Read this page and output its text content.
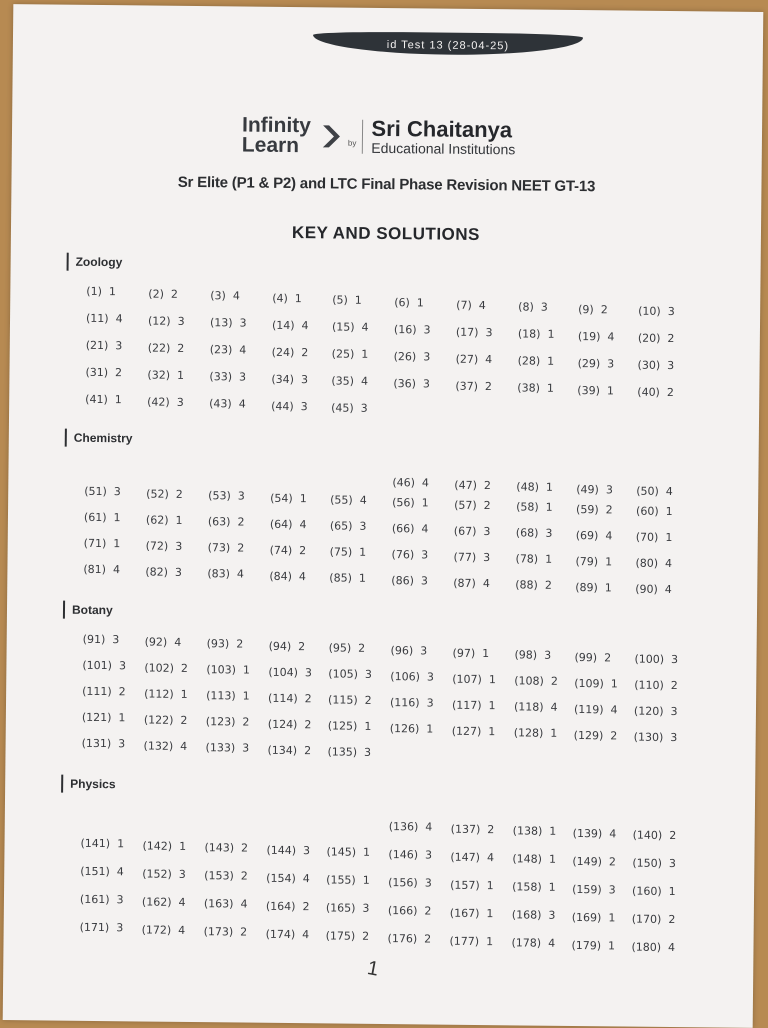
id Test 13 (28-04-25)
Infinity
Learn	by
Sri Chaitanya
Educational Institutions
Sr Elite (P1 & P2) and LTC Final Phase Revision NEET GT-13
KEY AND SOLUTIONS
Zoology
(1)  1	(2)  2	(3)  4	(4)  1	(5)  1	(6)  1	(7)  4	(8)  3	(9)  2	(10)  3
(11)  4 (12)  3 (13)  3 (14)  4 (15)  4 (16)  3 (17)  3 (18)  1 (19)  4 (20)  2
(21)  3 (22)  2 (23)  4 (24)  2 (25)  1 (26)  3 (27)  4 (28)  1 (29)  3 (30)  3
(31)  2 (32)  1 (33)  3 (34)  3 (35)  4 (36)  3 (37)  2 (38)  1 (39)  1 (40)  2
(41)  1 (42)  3 (43)  4 (44)  3 (45)  3
Chemistry
(46)  4 (47)  2 (48)  1 (49)  3 (50)  4
(51)  3 (52)  2 (53)  3 (54)  1 (55)  4 (56)  1 (57)  2 (58)  1 (59)  2 (60)  1
(61)  1 (62)  1 (63)  2 (64)  4 (65)  3 (66)  4 (67)  3 (68)  3 (69)  4 (70)  1
(71)  1 (72)  3 (73)  2 (74)  2 (75)  1 (76)  3 (77)  3 (78)  1 (79)  1 (80)  4
(81)  4 (82)  3 (83)  4 (84)  4 (85)  1 (86)  3 (87)  4 (88)  2 (89)  1 (90)  4
Botany
(91)  3 (92)  4 (93)  2 (94)  2 (95)  2 (96)  3 (97)  1 (98)  3 (99)  2 (100)  3
(101)  3 (102)  2 (103)  1 (104)  3 (105)  3 (106)  3 (107)  1 (108)  2 (109)  1 (110)  2
(111)  2 (112)  1 (113)  1 (114)  2 (115)  2 (116)  3 (117)  1 (118)  4 (119)  4 (120)  3
(121)  1 (122)  2 (123)  2 (124)  2 (125)  1 (126)  1 (127)  1 (128)  1 (129)  2 (130)  3
(131)  3 (132)  4 (133)  3 (134)  2 (135)  3
Physics
(136)  4 (137)  2 (138)  1 (139)  4 (140)  2
(141)  1 (142)  1 (143)  2 (144)  3 (145)  1 (146)  3 (147)  4 (148)  1 (149)  2 (150)  3
(151)  4 (152)  3 (153)  2 (154)  4 (155)  1 (156)  3 (157)  1 (158)  1 (159)  3 (160)  1
(161)  3 (162)  4 (163)  4 (164)  2 (165)  3 (166)  2 (167)  1 (168)  3 (169)  1 (170)  2
(171)  3 (172)  4 (173)  2 (174)  4 (175)  2 (176)  2 (177)  1 (178)  4 (179)  1 (180)  4
1
